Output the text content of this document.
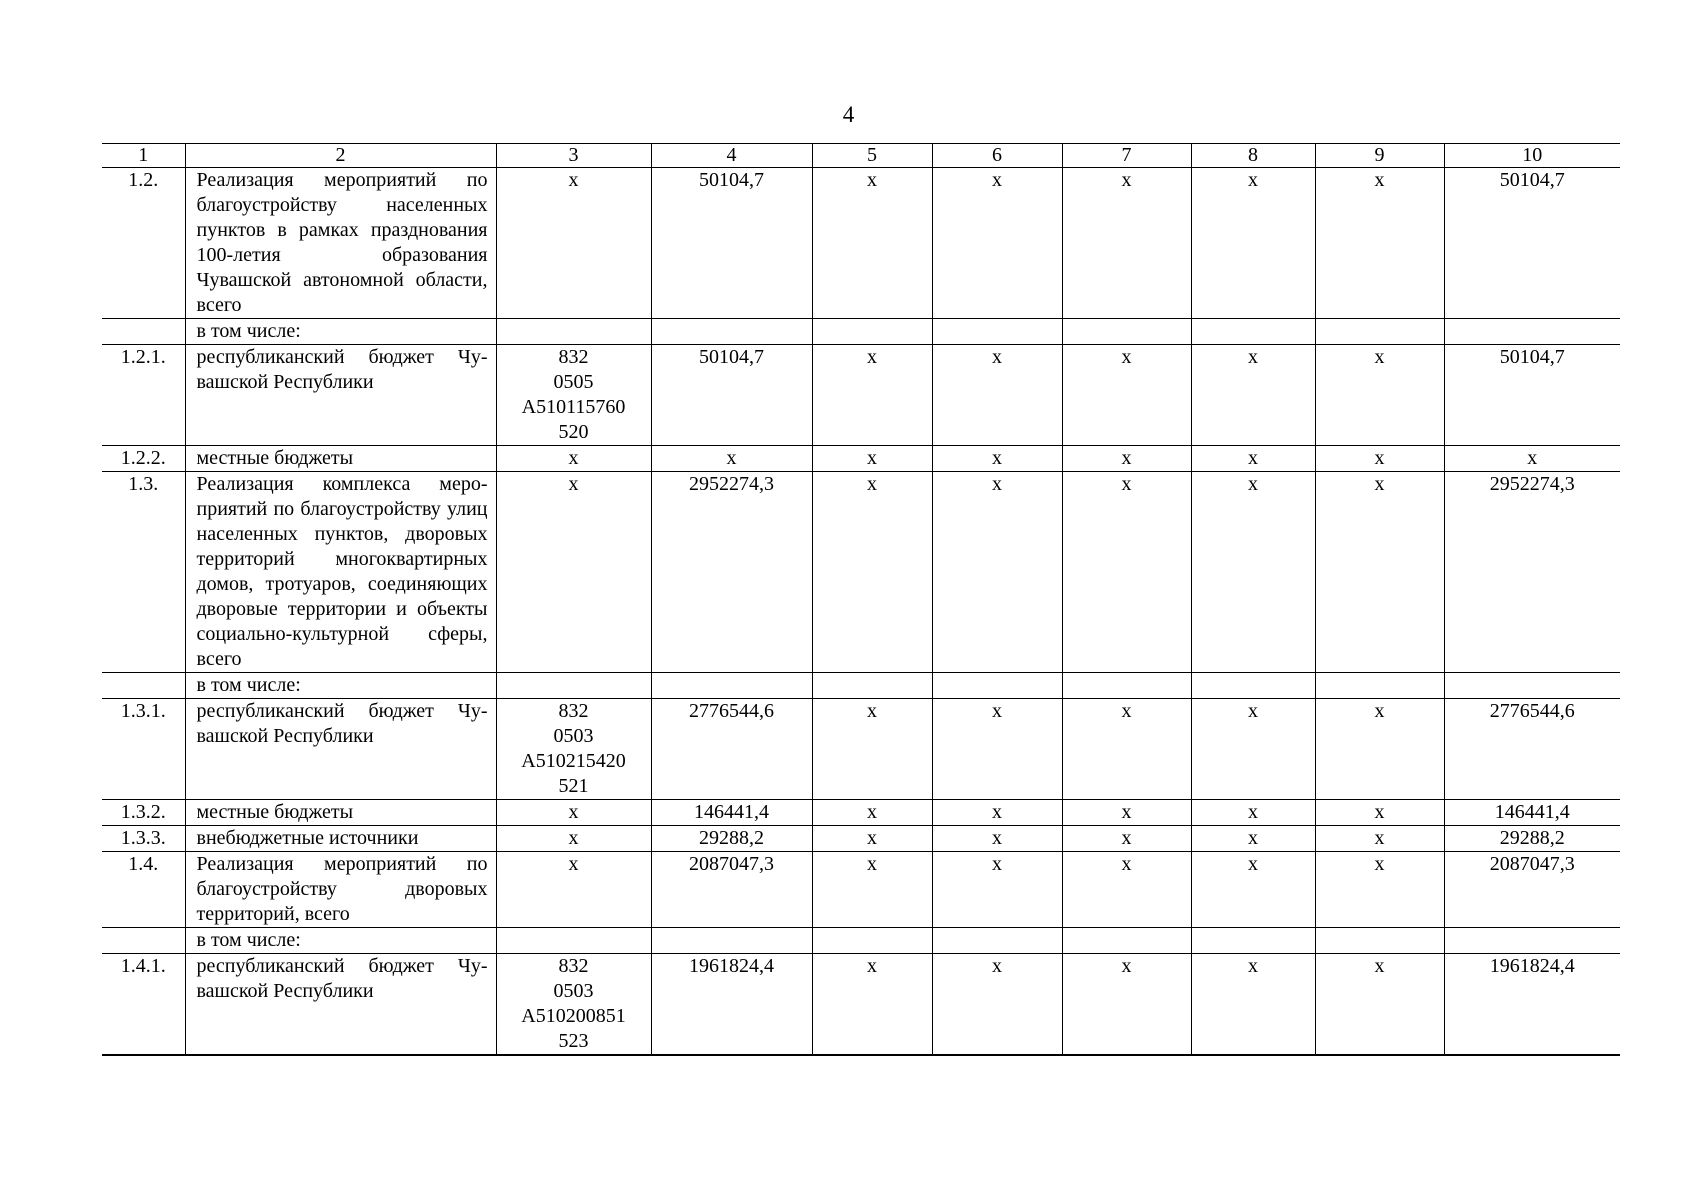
4
1	2	3	4	5	6	7	8	9	10
1.2.	Реализация мероприятий по благоустройству населенных пунктов в рамках празднования 100-летия образования Чувашской автономной области, всего	х	50104,7	х	х	х	х	х	50104,7
	в том числе:								
1.2.1.	республиканский бюджет Чувашской Республики	832
0505
А510115760
520	50104,7	х	х	х	х	х	50104,7
1.2.2.	местные бюджеты	х	х	х	х	х	х	х	х
1.3.	Реализация комплекса мероприятий по благоустройству улиц населенных пунктов, дворовых территорий многоквартирных домов, тротуаров, соединяющих дворовые территории и объекты социально-культурной сферы, всего	х	2952274,3	х	х	х	х	х	2952274,3
	в том числе:								
1.3.1.	республиканский бюджет Чувашской Республики	832
0503
А510215420
521	2776544,6	х	х	х	х	х	2776544,6
1.3.2.	местные бюджеты	х	146441,4	х	х	х	х	х	146441,4
1.3.3.	внебюджетные источники	х	29288,2	х	х	х	х	х	29288,2
1.4.	Реализация мероприятий по благоустройству дворовых территорий, всего	х	2087047,3	х	х	х	х	х	2087047,3
	в том числе:								
1.4.1.	республиканский бюджет Чувашской Республики	832
0503
А510200851
523	1961824,4	х	х	х	х	х	1961824,4
